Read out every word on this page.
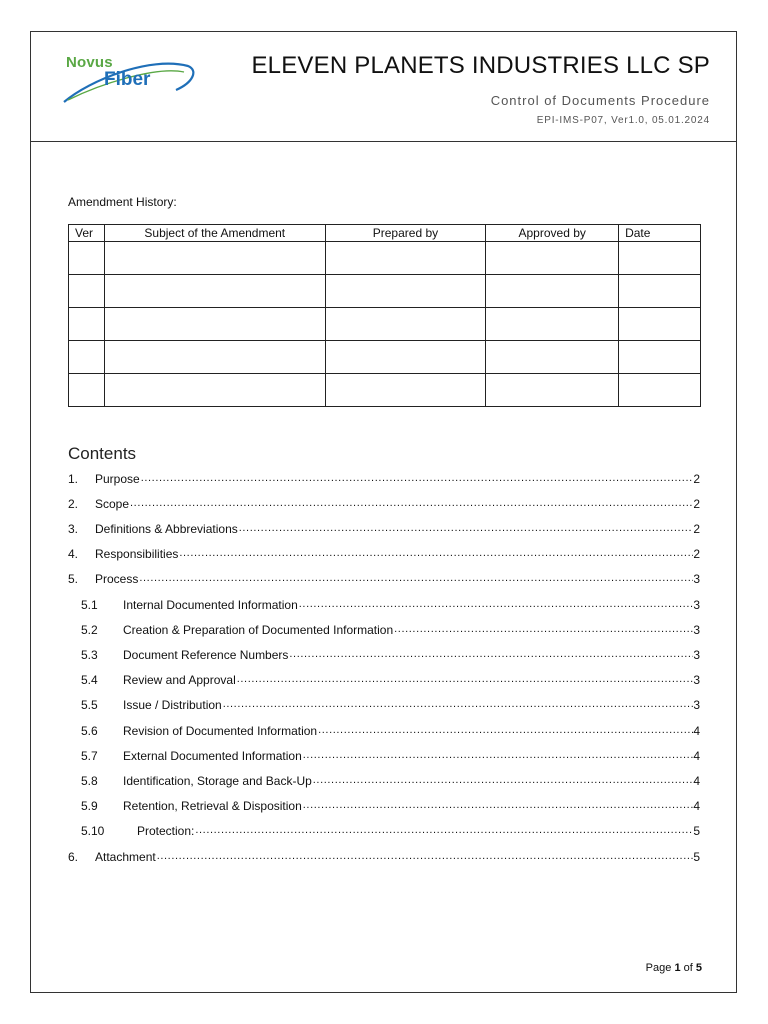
Novus
Fiber
ELEVEN PLANETS INDUSTRIES LLC SP
Control of Documents Procedure
EPI-IMS-P07, Ver1.0, 05.01.2024
Amendment History:
Ver	Subject of the Amendment	Prepared by	Approved by	Date

Contents
1.	Purpose .....	2
2.	Scope .....	2
3.	Definitions & Abbreviations .....	2
4.	Responsibilities .....	2
5.	Process .....	3
5.1	Internal Documented Information .....	3
5.2	Creation & Preparation of Documented Information .....	3
5.3	Document Reference Numbers .....	3
5.4	Review and Approval .....	3
5.5	Issue / Distribution .....	3
5.6	Revision of Documented Information .....	4
5.7	External Documented Information .....	4
5.8	Identification, Storage and Back-Up .....	4
5.9	Retention, Retrieval & Disposition .....	4
5.10	Protection: .....	5
6.	Attachment .....	5
Page 1 of 5
